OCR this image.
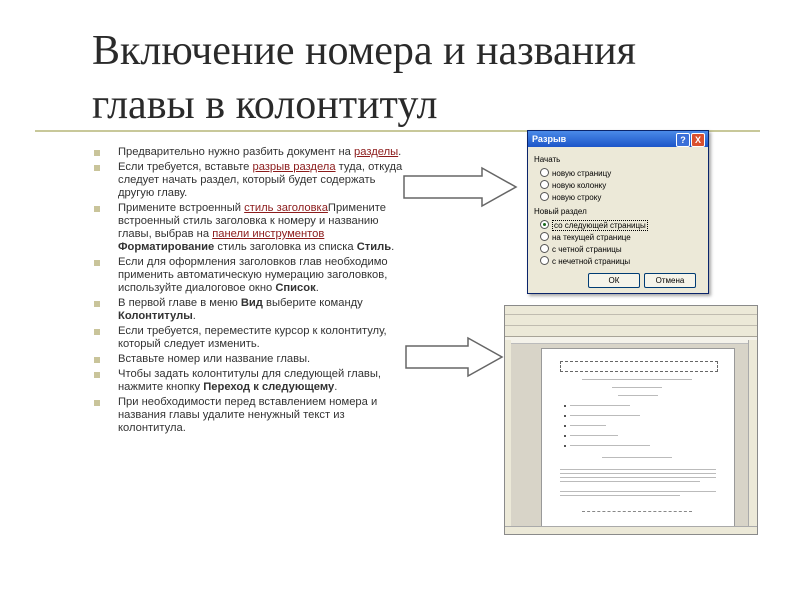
Включение номера и названия главы в колонтитул
Предварительно нужно разбить документ на разделы.
Если требуется, вставьте разрыв раздела туда, откуда следует начать раздел, который будет содержать другую главу.
Примените встроенный стиль заголовкаПримените встроенный стиль заголовка к номеру и названию главы, выбрав на панели инструментов Форматирование стиль заголовка из списка Стиль.
Если для оформления заголовков глав необходимо применить автоматическую нумерацию заголовков, используйте диалоговое окно Список.
В первой главе в меню Вид выберите команду Колонтитулы.
Если требуется, переместите курсор к колонтитулу, который следует изменить.
Вставьте номер или название главы.
Чтобы задать колонтитулы для следующей главы, нажмите кнопку Переход к следующему.
При необходимости перед вставлением номера и названия главы удалите ненужный текст из колонтитула.
Разрыв	?	X
Начать
новую страницу
новую колонку
новую строку
Новый раздел
со следующей страницы
на текущей странице
с четной страницы
с нечетной страницы
ОК	Отмена
